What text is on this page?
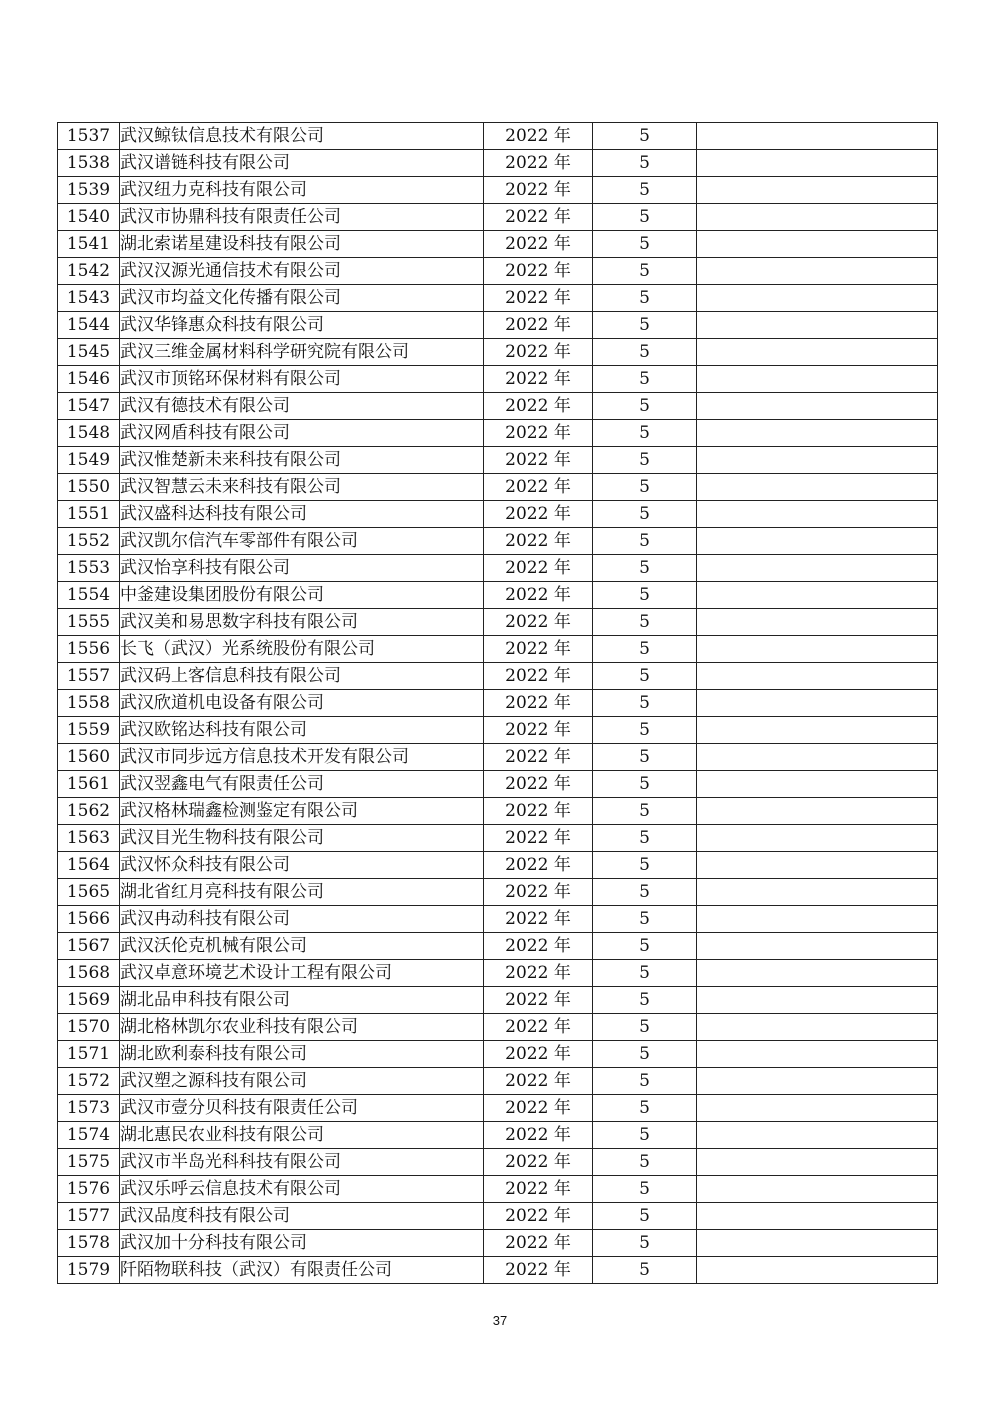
1537	武汉鲸钛信息技术有限公司	2022 年	5	
1538	武汉谱链科技有限公司	2022 年	5	
1539	武汉纽力克科技有限公司	2022 年	5	
1540	武汉市协鼎科技有限责任公司	2022 年	5	
1541	湖北索诺星建设科技有限公司	2022 年	5	
1542	武汉汉源光通信技术有限公司	2022 年	5	
1543	武汉市均益文化传播有限公司	2022 年	5	
1544	武汉华锋惠众科技有限公司	2022 年	5	
1545	武汉三维金属材料科学研究院有限公司	2022 年	5	
1546	武汉市顶铭环保材料有限公司	2022 年	5	
1547	武汉有德技术有限公司	2022 年	5	
1548	武汉网盾科技有限公司	2022 年	5	
1549	武汉惟楚新未来科技有限公司	2022 年	5	
1550	武汉智慧云未来科技有限公司	2022 年	5	
1551	武汉盛科达科技有限公司	2022 年	5	
1552	武汉凯尔信汽车零部件有限公司	2022 年	5	
1553	武汉怡享科技有限公司	2022 年	5	
1554	中釜建设集团股份有限公司	2022 年	5	
1555	武汉美和易思数字科技有限公司	2022 年	5	
1556	长飞（武汉）光系统股份有限公司	2022 年	5	
1557	武汉码上客信息科技有限公司	2022 年	5	
1558	武汉欣道机电设备有限公司	2022 年	5	
1559	武汉欧铭达科技有限公司	2022 年	5	
1560	武汉市同步远方信息技术开发有限公司	2022 年	5	
1561	武汉翌鑫电气有限责任公司	2022 年	5	
1562	武汉格林瑞鑫检测鉴定有限公司	2022 年	5	
1563	武汉目光生物科技有限公司	2022 年	5	
1564	武汉怀众科技有限公司	2022 年	5	
1565	湖北省红月亮科技有限公司	2022 年	5	
1566	武汉冉动科技有限公司	2022 年	5	
1567	武汉沃伦克机械有限公司	2022 年	5	
1568	武汉卓意环境艺术设计工程有限公司	2022 年	5	
1569	湖北品申科技有限公司	2022 年	5	
1570	湖北格林凯尔农业科技有限公司	2022 年	5	
1571	湖北欧利泰科技有限公司	2022 年	5	
1572	武汉塑之源科技有限公司	2022 年	5	
1573	武汉市壹分贝科技有限责任公司	2022 年	5	
1574	湖北惠民农业科技有限公司	2022 年	5	
1575	武汉市半岛光科科技有限公司	2022 年	5	
1576	武汉乐呼云信息技术有限公司	2022 年	5	
1577	武汉品度科技有限公司	2022 年	5	
1578	武汉加十分科技有限公司	2022 年	5	
1579	阡陌物联科技（武汉）有限责任公司	2022 年	5	
37
